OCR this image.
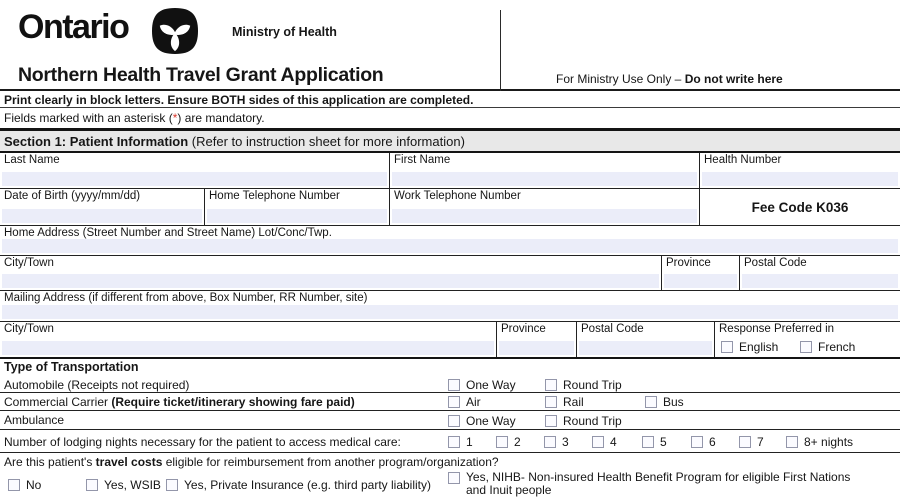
Ontario	Ministry of Health
Northern Health Travel Grant Application	For Ministry Use Only – Do not write here
Print clearly in block letters. Ensure BOTH sides of this application are completed.
Fields marked with an asterisk (*) are mandatory.
Section 1: Patient Information (Refer to instruction sheet for more information)
Last Name	First Name	Health Number
Date of Birth (yyyy/mm/dd)	Home Telephone Number	Work Telephone Number
Fee Code K036
Home Address (Street Number and Street Name) Lot/Conc/Twp.
City/Town	Province	Postal Code
Mailing Address (if different from above, Box Number, RR Number, site)
City/Town	Province	Postal Code	Response Preferred in
English	French
Type of Transportation
Automobile (Receipts not required)	One Way	Round Trip
Commercial Carrier (Require ticket/itinerary showing fare paid)	Air	Rail	Bus
Ambulance	One Way	Round Trip
Number of lodging nights necessary for the patient to access medical care:	1	2	3	4	5	6	7	8+ nights
Are this patient's travel costs eligible for reimbursement from another program/organization?
No	Yes, WSIB Yes, Private Insurance (e.g. third party liability)
Yes, NIHB- Non-insured Health Benefit Program for eligible First Nations and Inuit people
